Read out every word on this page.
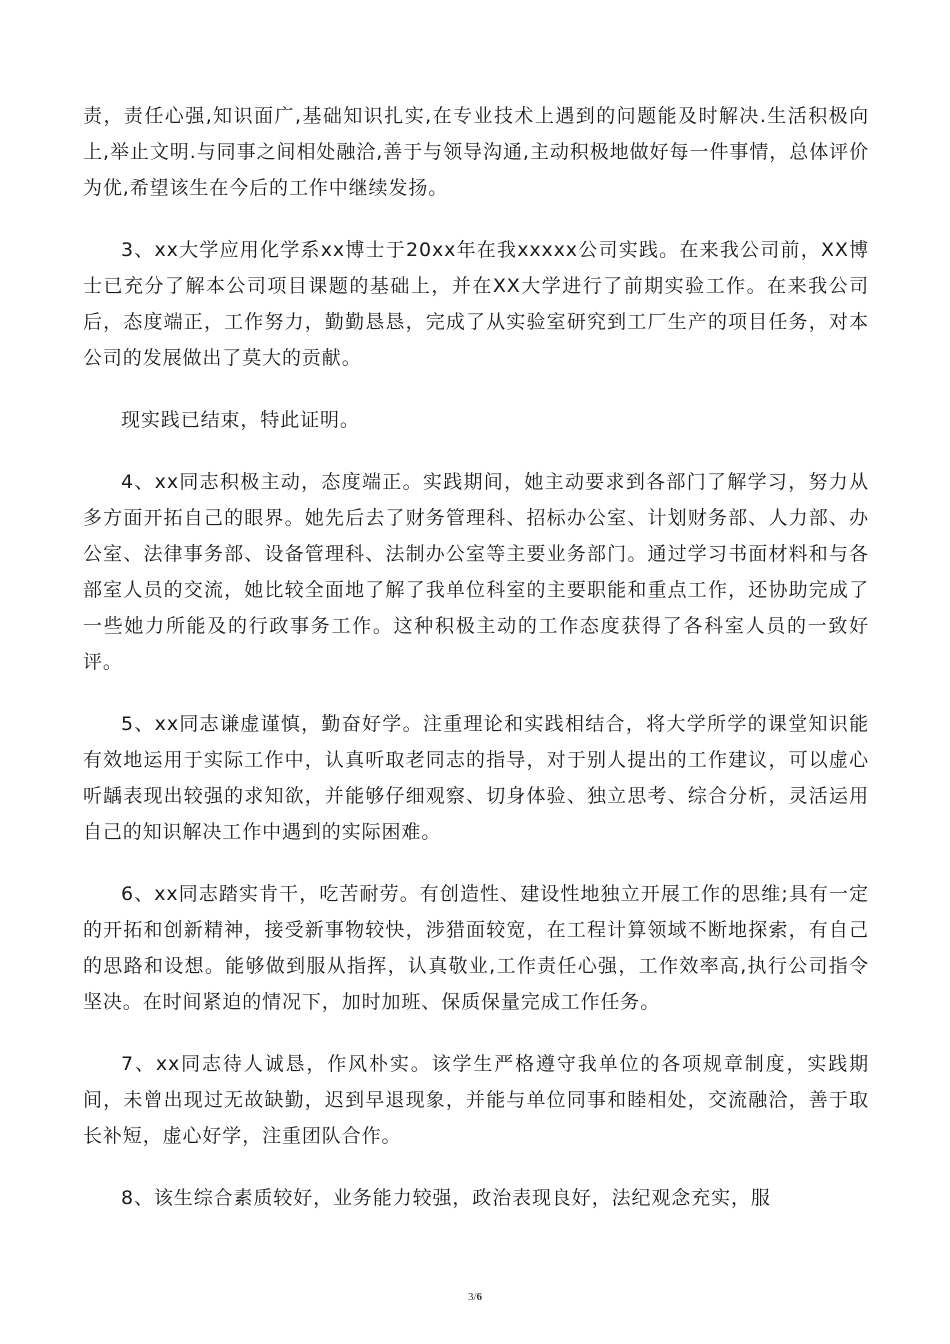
责，责任心强,知识面广,基础知识扎实,在专业技术上遇到的问题能及时解决.生活积极向上,举止文明.与同事之间相处融洽,善于与领导沟通,主动积极地做好每一件事情，总体评价为优,希望该生在今后的工作中继续发扬。

3、xx大学应用化学系xx博士于20xx年在我xxxxx公司实践。在来我公司前，XX博士已充分了解本公司项目课题的基础上，并在XX大学进行了前期实验工作。在来我公司后，态度端正，工作努力，勤勤恳恳，完成了从实验室研究到工厂生产的项目任务，对本公司的发展做出了莫大的贡献。

现实践已结束，特此证明。

4、xx同志积极主动，态度端正。实践期间，她主动要求到各部门了解学习，努力从多方面开拓自己的眼界。她先后去了财务管理科、招标办公室、计划财务部、人力部、办公室、法律事务部、设备管理科、法制办公室等主要业务部门。通过学习书面材料和与各部室人员的交流，她比较全面地了解了我单位科室的主要职能和重点工作，还协助完成了一些她力所能及的行政事务工作。这种积极主动的工作态度获得了各科室人员的一致好评。

5、xx同志谦虚谨慎，勤奋好学。注重理论和实践相结合，将大学所学的课堂知识能有效地运用于实际工作中，认真听取老同志的指导，对于别人提出的工作建议，可以虚心听龋表现出较强的求知欲，并能够仔细观察、切身体验、独立思考、综合分析，灵活运用自己的知识解决工作中遇到的实际困难。

6、xx同志踏实肯干，吃苦耐劳。有创造性、建设性地独立开展工作的思维;具有一定的开拓和创新精神，接受新事物较快，涉猎面较宽，在工程计算领域不断地探索，有自己的思路和设想。能够做到服从指挥，认真敬业,工作责任心强，工作效率高,执行公司指令坚决。在时间紧迫的情况下，加时加班、保质保量完成工作任务。

7、xx同志待人诚恳，作风朴实。该学生严格遵守我单位的各项规章制度，实践期间，未曾出现过无故缺勤，迟到早退现象，并能与单位同事和睦相处，交流融洽，善于取长补短，虚心好学，注重团队合作。

8、该生综合素质较好，业务能力较强，政治表现良好，法纪观念充实，服

3/6
